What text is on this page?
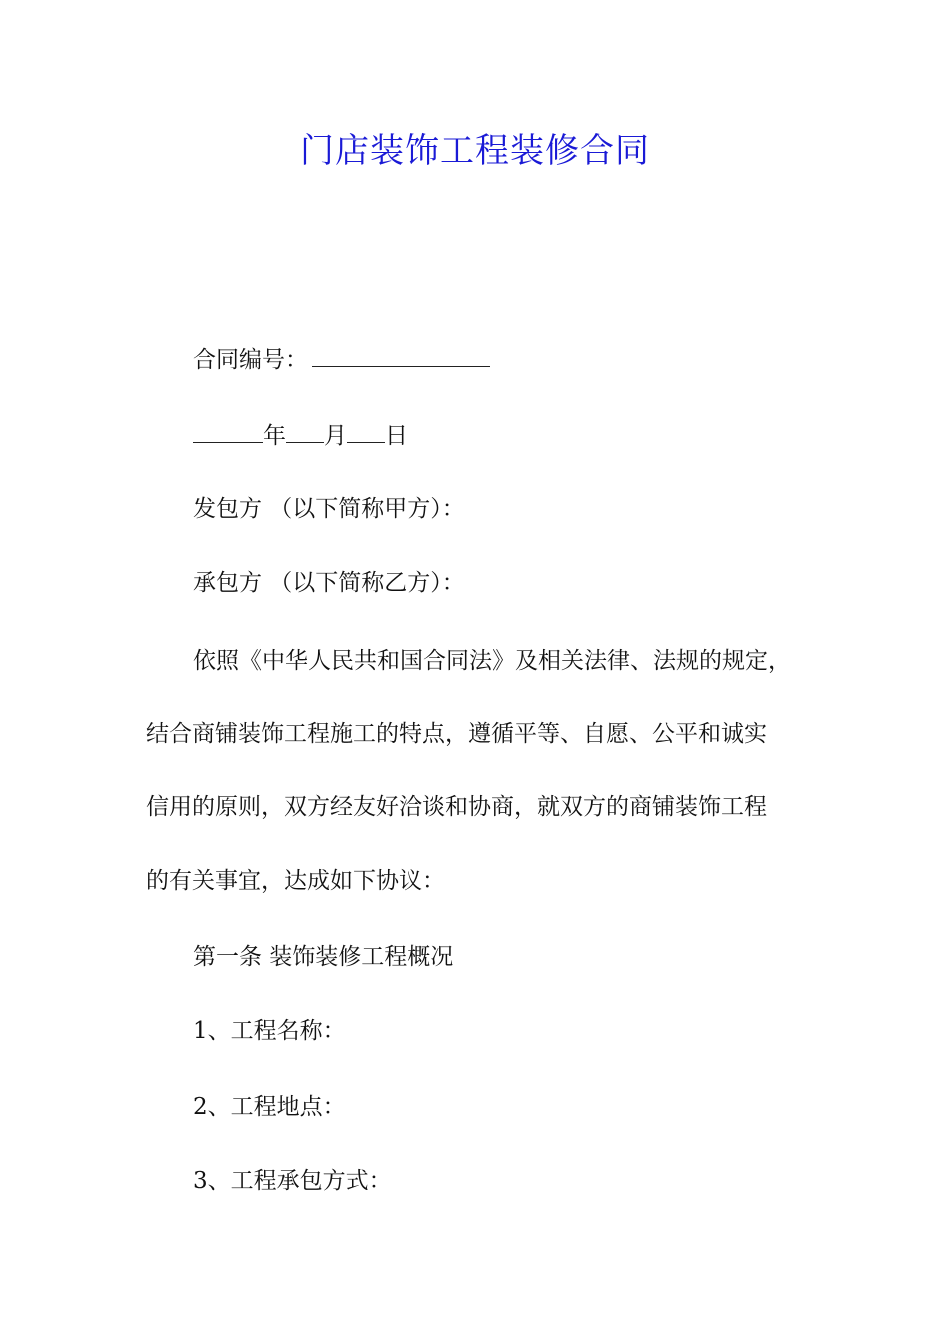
门店装饰工程装修合同
合同编号：
年 月 日
发包方 （以下简称甲方）：
承包方 （以下简称乙方）：
依照《中华人民共和国合同法》及相关法律、法规的规定，
结合商铺装饰工程施工的特点，遵循平等、自愿、公平和诚实
信用的原则，双方经友好洽谈和协商，就双方的商铺装饰工程
的有关事宜，达成如下协议：
第一条 装饰装修工程概况
1、工程名称：
2、工程地点：
3、工程承包方式：
